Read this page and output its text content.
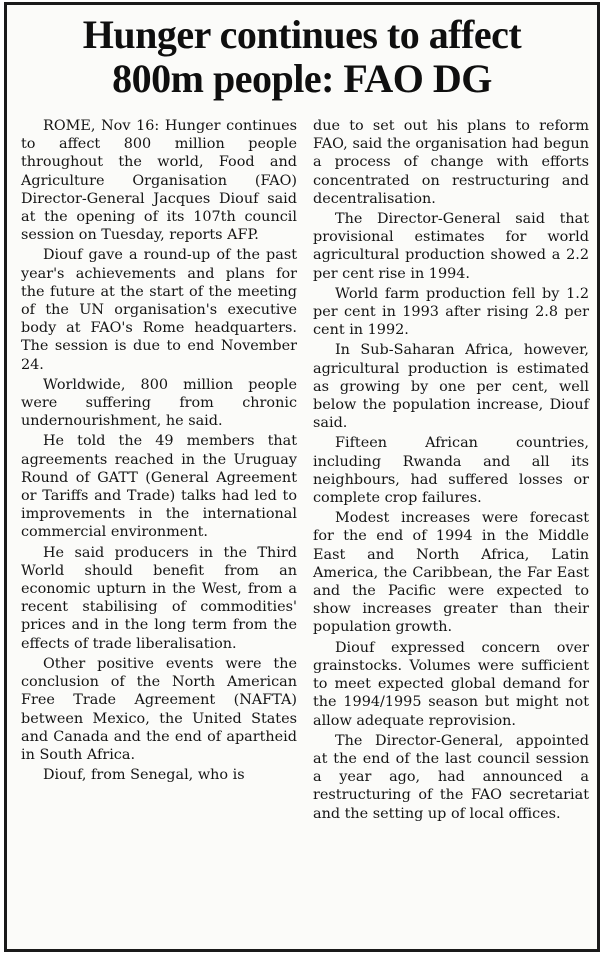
Hunger continues to affect
800m people: FAO DG

ROME, Nov 16: Hunger continues to affect 800 million people throughout the world, Food and Agriculture Organisation (FAO) Director-General Jacques Diouf said at the opening of its 107th council session on Tuesday, reports AFP.

Diouf gave a round-up of the past year's achievements and plans for the future at the start of the meeting of the UN organisation's executive body at FAO's Rome headquarters. The session is due to end November 24.

Worldwide, 800 million people were suffering from chronic undernourishment, he said.

He told the 49 members that agreements reached in the Uruguay Round of GATT (General Agreement or Tariffs and Trade) talks had led to improvements in the international commercial environment.

He said producers in the Third World should benefit from an economic upturn in the West, from a recent stabilising of commodities' prices and in the long term from the effects of trade liberalisation.

Other positive events were the conclusion of the North American Free Trade Agreement (NAFTA) between Mexico, the United States and Canada and the end of apartheid in South Africa.

Diouf, from Senegal, who is

due to set out his plans to reform FAO, said the organisation had begun a process of change with efforts concentrated on restructuring and decentralisation.

The Director-General said that provisional estimates for world agricultural production showed a 2.2 per cent rise in 1994.

World farm production fell by 1.2 per cent in 1993 after rising 2.8 per cent in 1992.

In Sub-Saharan Africa, however, agricultural production is estimated as growing by one per cent, well below the population increase, Diouf said.

Fifteen African countries, including Rwanda and all its neighbours, had suffered losses or complete crop failures.

Modest increases were forecast for the end of 1994 in the Middle East and North Africa, Latin America, the Caribbean, the Far East and the Pacific were expected to show increases greater than their population growth.

Diouf expressed concern over grainstocks. Volumes were sufficient to meet expected global demand for the 1994/1995 season but might not allow adequate reprovision.

The Director-General, appointed at the end of the last council session a year ago, had announced a restructuring of the FAO secretariat and the setting up of local offices.
